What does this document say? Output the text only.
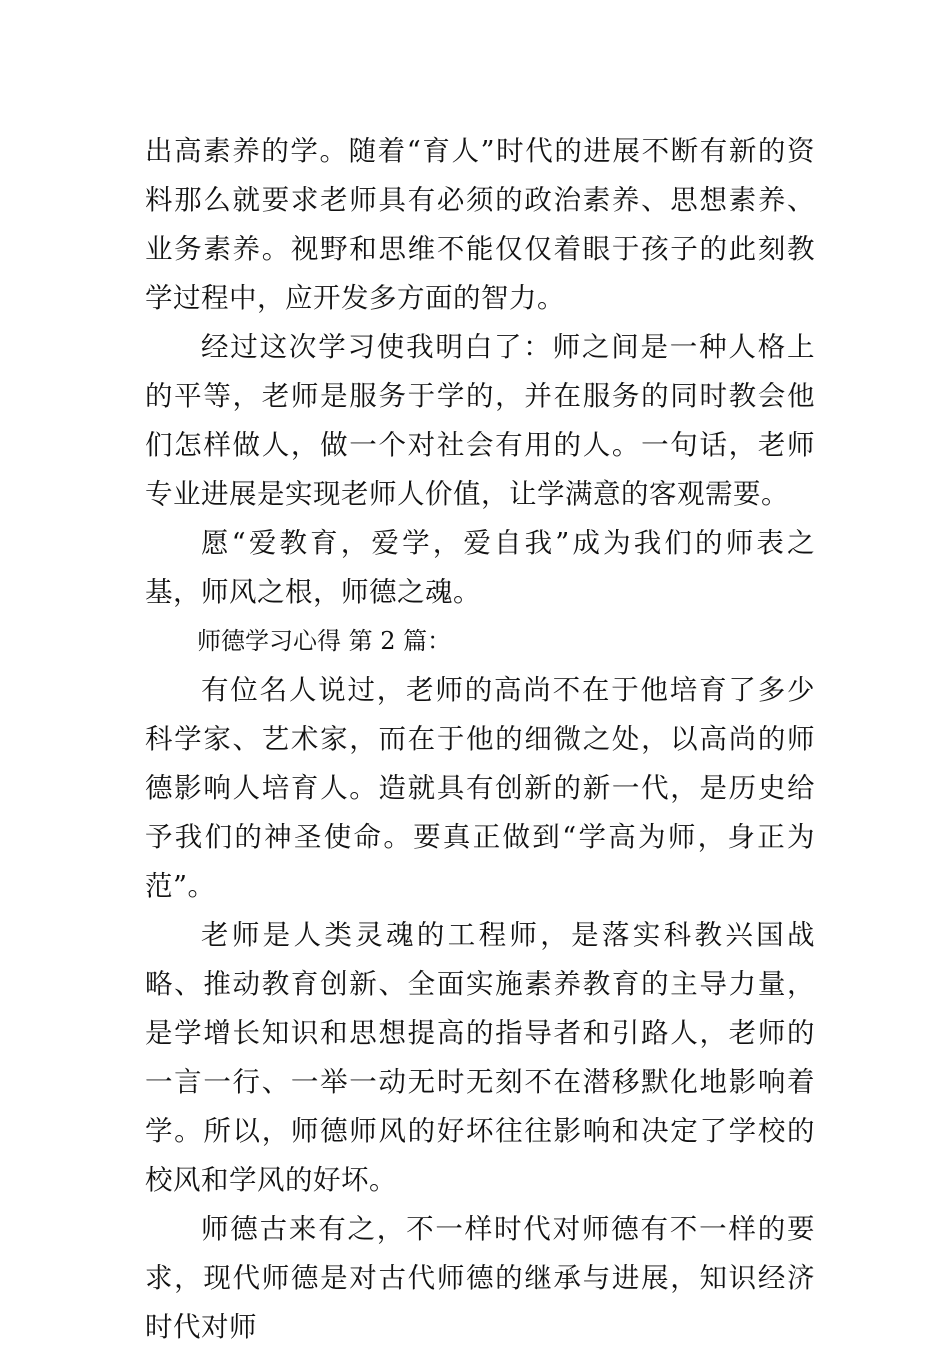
出高素养的学。随着“育人”时代的进展不断有新的资料那么就要求老师具有必须的政治素养、思想素养、业务素养。视野和思维不能仅仅着眼于孩子的此刻教学过程中，应开发多方面的智力。

经过这次学习使我明白了：师之间是一种人格上的平等，老师是服务于学的，并在服务的同时教会他们怎样做人，做一个对社会有用的人。一句话，老师专业进展是实现老师人价值，让学满意的客观需要。

愿“爱教育，爱学，爱自我”成为我们的师表之基，师风之根，师德之魂。

师德学习心得 第 2 篇：

有位名人说过，老师的高尚不在于他培育了多少科学家、艺术家，而在于他的细微之处，以高尚的师德影响人培育人。造就具有创新的新一代，是历史给予我们的神圣使命。要真正做到“学高为师，身正为范”。

老师是人类灵魂的工程师，是落实科教兴国战略、推动教育创新、全面实施素养教育的主导力量，是学增长知识和思想提高的指导者和引路人，老师的一言一行、一举一动无时无刻不在潜移默化地影响着学。所以，师德师风的好坏往往影响和决定了学校的校风和学风的好坏。

师德古来有之，不一样时代对师德有不一样的要求，现代师德是对古代师德的继承与进展，知识经济时代对师
